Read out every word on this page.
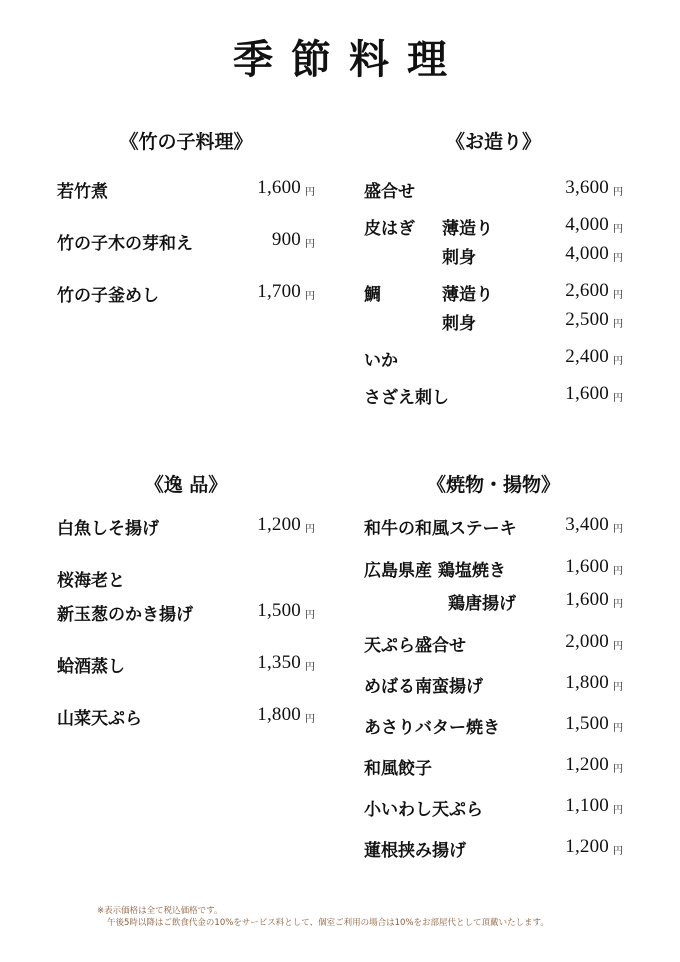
季節料理
《竹の子料理》
若竹煮	1,600 円
竹の子木の芽和え	900 円
竹の子釜めし	1,700 円
《お造り》
盛合せ	3,600 円
皮はぎ 薄造り	4,000 円
刺身	4,000 円
鯛	薄造り	2,600 円
刺身	2,500 円
いか	2,400 円
さざえ刺し	1,600 円
《逸 品》
白魚しそ揚げ	1,200 円
桜海老と
新玉葱のかき揚げ	1,500 円
蛤酒蒸し	1,350 円
山菜天ぷら	1,800 円
《焼物・揚物》
和牛の和風ステーキ	3,400 円
広島県産 鶏塩焼き	1,600 円
鶏唐揚げ	1,600 円
天ぷら盛合せ	2,000 円
めばる南蛮揚げ	1,800 円
あさりバター焼き	1,500 円
和風餃子	1,200 円
小いわし天ぷら	1,100 円
蓮根挟み揚げ	1,200 円
※表示価格は全て税込価格です。
午後5時以降はご飲食代金の10%をサービス料として、個室ご利用の場合は10%をお部屋代として頂戴いたします。
